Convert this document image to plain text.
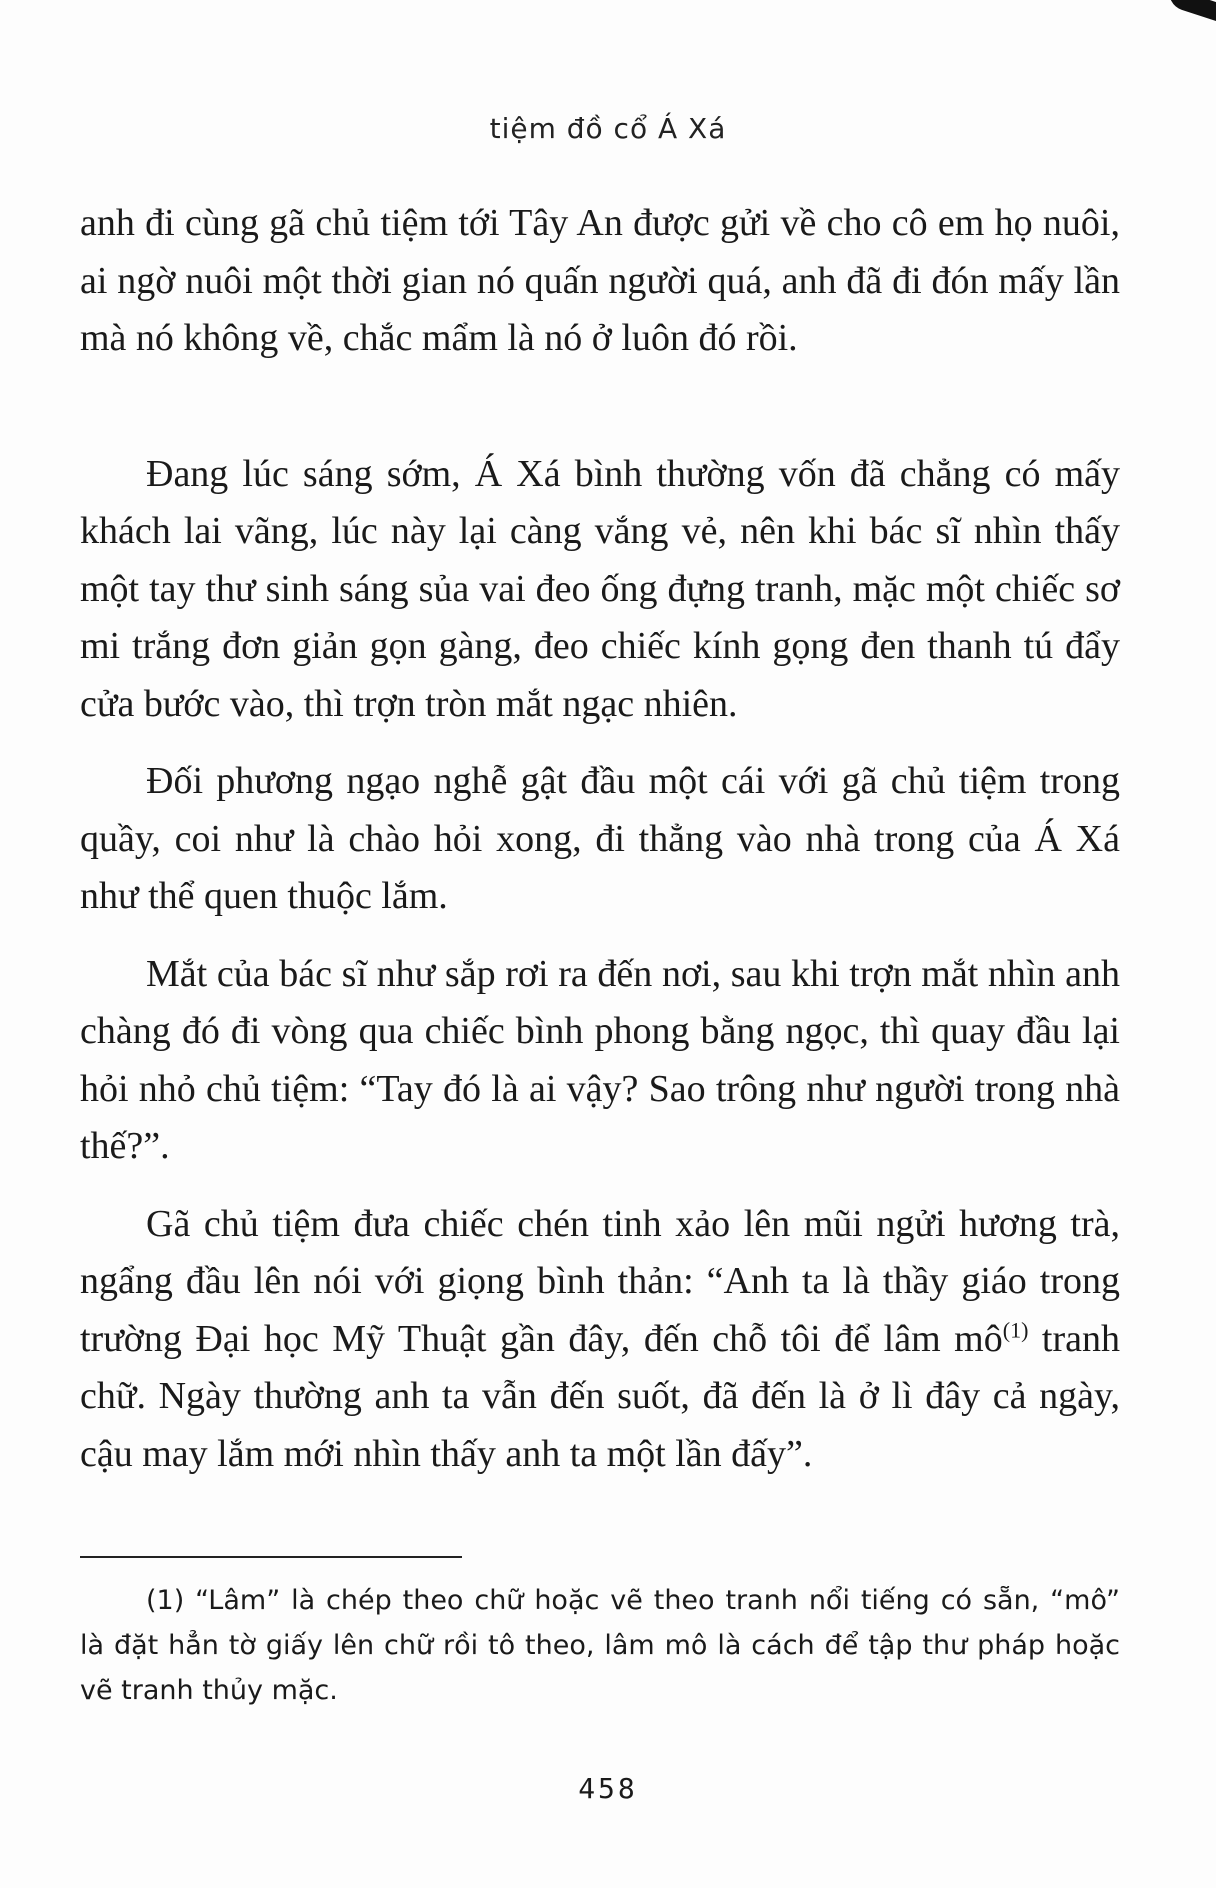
tiệm đồ cổ Á Xá

anh đi cùng gã chủ tiệm tới Tây An được gửi về cho cô em họ nuôi, ai ngờ nuôi một thời gian nó quấn người quá, anh đã đi đón mấy lần mà nó không về, chắc mẩm là nó ở luôn đó rồi.

Đang lúc sáng sớm, Á Xá bình thường vốn đã chẳng có mấy khách lai vãng, lúc này lại càng vắng vẻ, nên khi bác sĩ nhìn thấy một tay thư sinh sáng sủa vai đeo ống đựng tranh, mặc một chiếc sơ mi trắng đơn giản gọn gàng, đeo chiếc kính gọng đen thanh tú đẩy cửa bước vào, thì trợn tròn mắt ngạc nhiên.

Đối phương ngạo nghễ gật đầu một cái với gã chủ tiệm trong quầy, coi như là chào hỏi xong, đi thẳng vào nhà trong của Á Xá như thể quen thuộc lắm.

Mắt của bác sĩ như sắp rơi ra đến nơi, sau khi trợn mắt nhìn anh chàng đó đi vòng qua chiếc bình phong bằng ngọc, thì quay đầu lại hỏi nhỏ chủ tiệm: “Tay đó là ai vậy? Sao trông như người trong nhà thế?”.

Gã chủ tiệm đưa chiếc chén tinh xảo lên mũi ngửi hương trà, ngẩng đầu lên nói với giọng bình thản: “Anh ta là thầy giáo trong trường Đại học Mỹ Thuật gần đây, đến chỗ tôi để lâm mô$^{(1)}$ tranh chữ. Ngày thường anh ta vẫn đến suốt, đã đến là ở lì đây cả ngày, cậu may lắm mới nhìn thấy anh ta một lần đấy”.

(1) “Lâm” là chép theo chữ hoặc vẽ theo tranh nổi tiếng có sẵn, “mô” là đặt hẳn tờ giấy lên chữ rồi tô theo, lâm mô là cách để tập thư pháp hoặc vẽ tranh thủy mặc.
458
